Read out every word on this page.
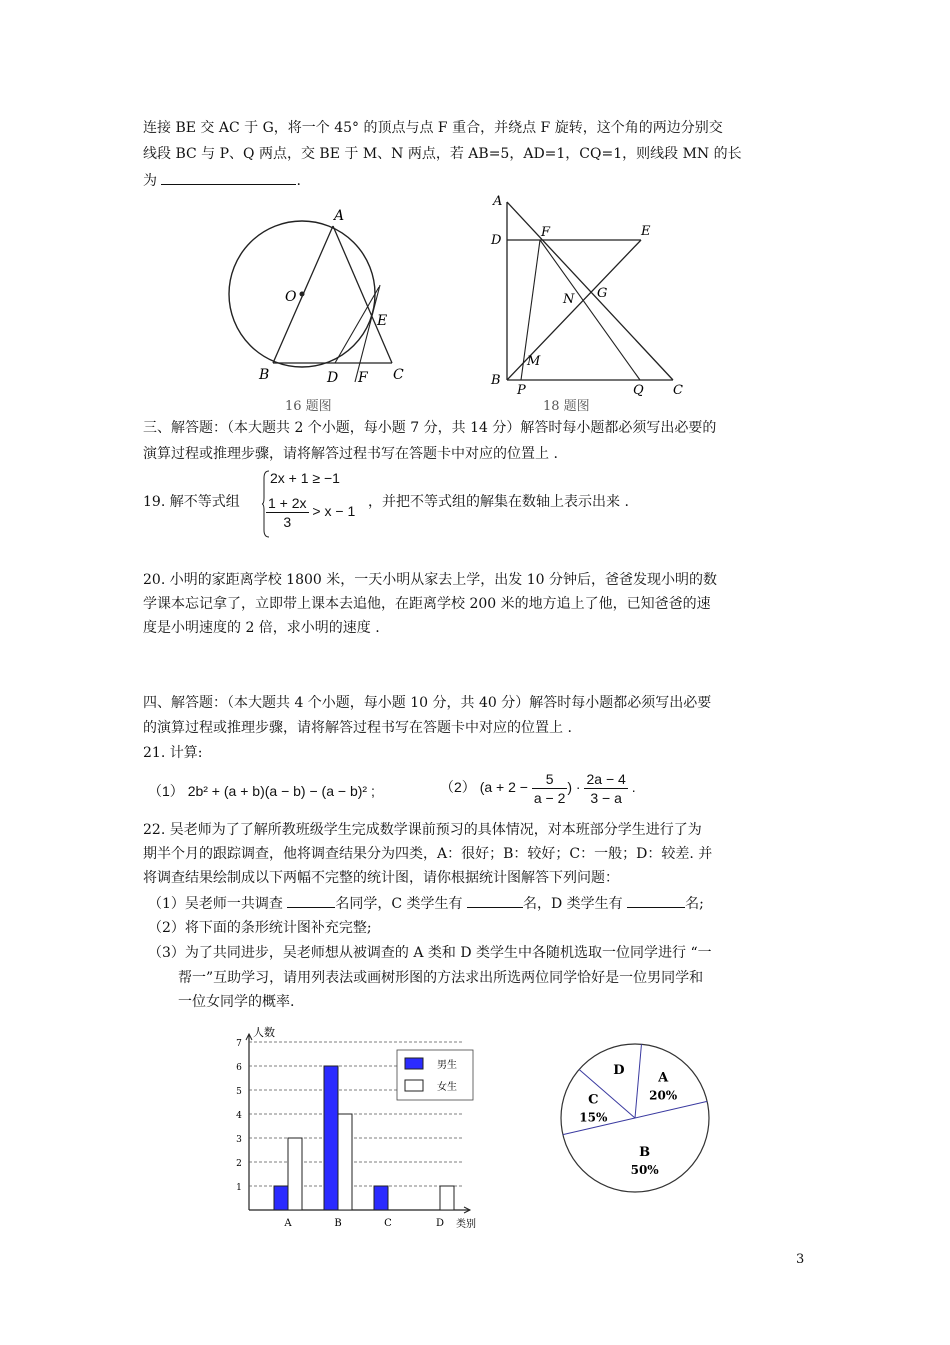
连接 BE 交 AC 于 G，将一个 45° 的顶点与点 F 重合，并绕点 F 旋转，这个角的两边分别交
线段 BC 与 P、Q 两点，交 BE 于 M、N 两点，若 AB=5，AD=1，CQ=1，则线段 MN 的长
为	.
A
O
E
B	D F C
16 题图
A
D
F	E
N G
M
B
P	Q C
18 题图
三、解答题：（本大题共 2 个小题，每小题 7 分，共 14 分）解答时每小题都必须写出必要的
演算过程或推理步骤，请将解答过程书写在答题卡中对应的位置上 .
19. 解不等式组
2x + 1 ≥ −1
$\frac{1 + 2x}{3} > x - 1$
，并把不等式组的解集在数轴上表示出来 .
20. 小明的家距离学校 1800 米，一天小明从家去上学，出发 10 分钟后，爸爸发现小明的数
学课本忘记拿了，立即带上课本去追他，在距离学校 200 米的地方追上了他，已知爸爸的速
度是小明速度的 2 倍，求小明的速度 .
四、解答题：（本大题共 4 个小题，每小题 10 分，共 40 分）解答时每小题都必须写出必要
的演算过程或推理步骤，请将解答过程书写在答题卡中对应的位置上 .
21. 计算:
（1） 2b² + (a + b)(a − b) − (a − b)² ;	（2） ($a + 2 - \frac{5}{a - 2}$ ) · $\frac{2a - 4}{3 - a}$ .
22. 吴老师为了了解所教班级学生完成数学课前预习的具体情况，对本班部分学生进行了为
期半个月的跟踪调查，他将调查结果分为四类，A：很好；B：较好；C：一般；D：较差. 并
将调查结果绘制成以下两幅不完整的统计图，请你根据统计图解答下列问题：
（1）吴老师一共调查	名同学，C 类学生有	名，D 类学生有	名;
（2）将下面的条形统计图补充完整;
（3）为了共同进步，吴老师想从被调查的 A 类和 D 类学生中各随机选取一位同学进行 “一
帮一”互助学习，请用列表法或画树形图的方法求出所选两位同学恰好是一位男同学和
一位女同学的概率.
1
2
3
4
5
6
7
人数
类别
A	B	C	D
男生
女生
A
20%
B
50%
C
15%
D
3
